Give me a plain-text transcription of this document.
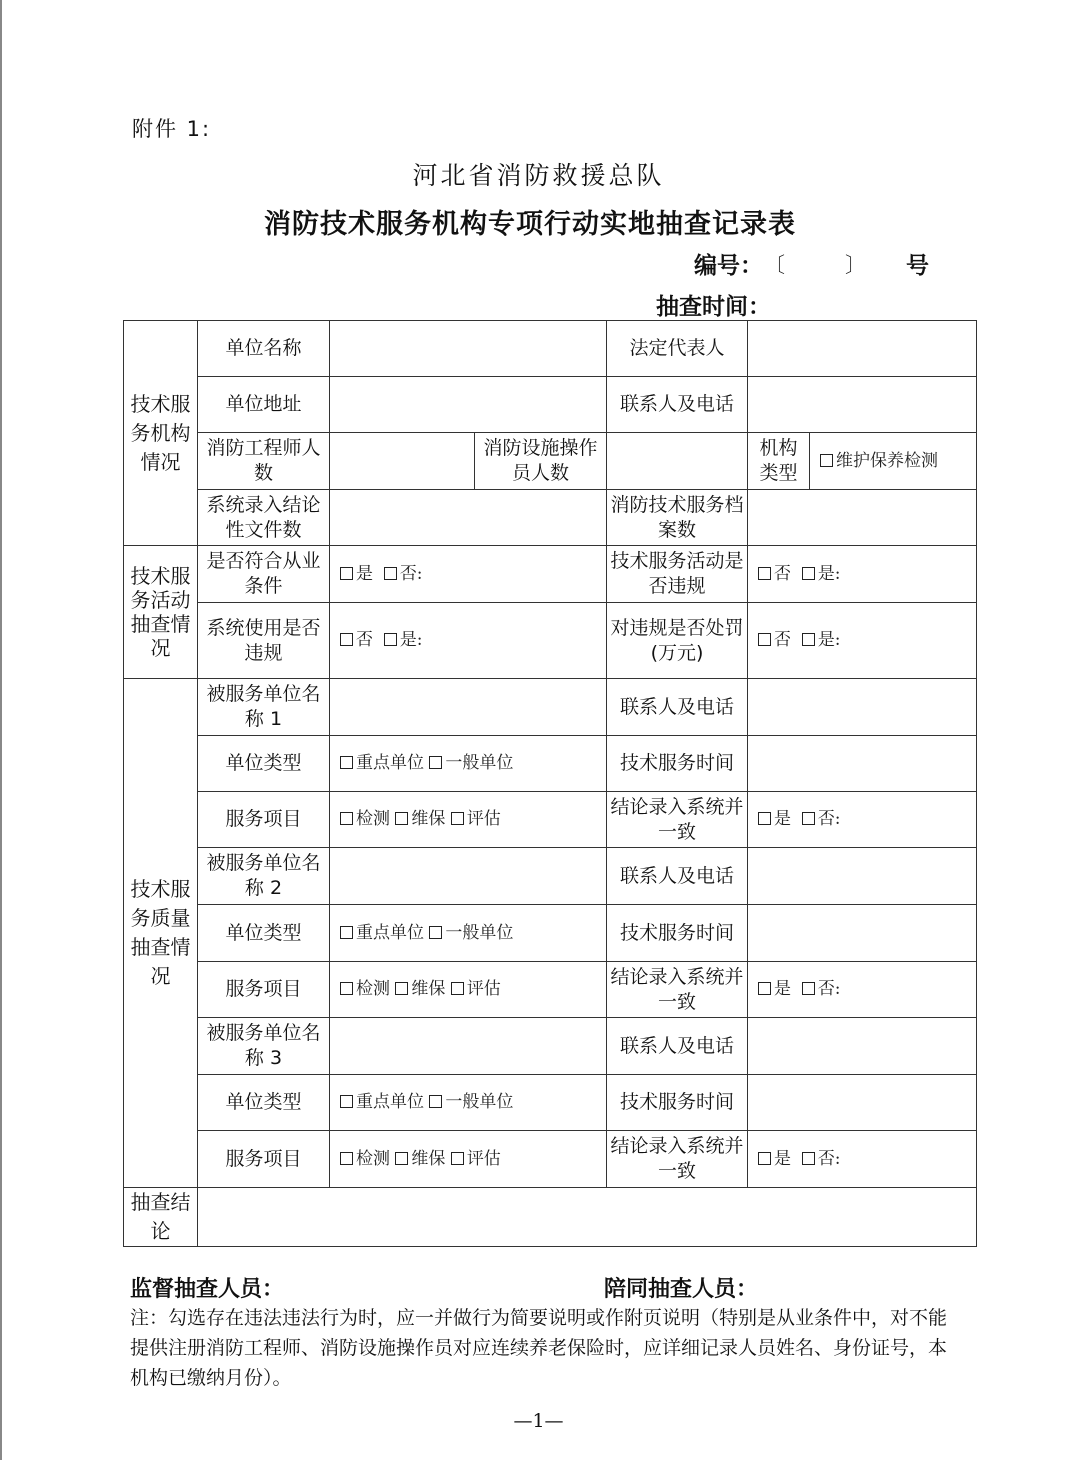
附件 1:
河北省消防救援总队
消防技术服务机构专项行动实地抽查记录表
编号： 〔	〕 号
抽查时间：
技术服务机构情况	单位名称			法定代表人		
	单位地址			联系人及电话		
	消防工程师人数		消防设施操作员人数		机构类型	维护保养检测
	系统录入结论性文件数			消防技术服务档案数		
技术服务活动抽查情况	是否符合从业条件	是 否:		技术服务活动是否违规	否 是:	
	系统使用是否违规	否 是:		对违规是否处罚(万元)	否 是:	
技术服务质量抽查情况	被服务单位名称 1			联系人及电话		
	单位类型	重点单位 一般单位		技术服务时间		
	服务项目	检测 维保 评估		结论录入系统并一致	是 否:	
	被服务单位名称 2			联系人及电话		
	单位类型	重点单位 一般单位		技术服务时间		
	服务项目	检测 维保 评估		结论录入系统并一致	是 否:	
	被服务单位名称 3			联系人及电话		
	单位类型	重点单位 一般单位		技术服务时间		
	服务项目	检测 维保 评估		结论录入系统并一致	是 否:	
抽查结论						
监督抽查人员：	陪同抽查人员：
注：勾选存在违法违法行为时，应一并做行为简要说明或作附页说明（特别是从业条件中，对不能提供注册消防工程师、消防设施操作员对应连续养老保险时，应详细记录人员姓名、身份证号，本机构已缴纳月份）。
—1—
